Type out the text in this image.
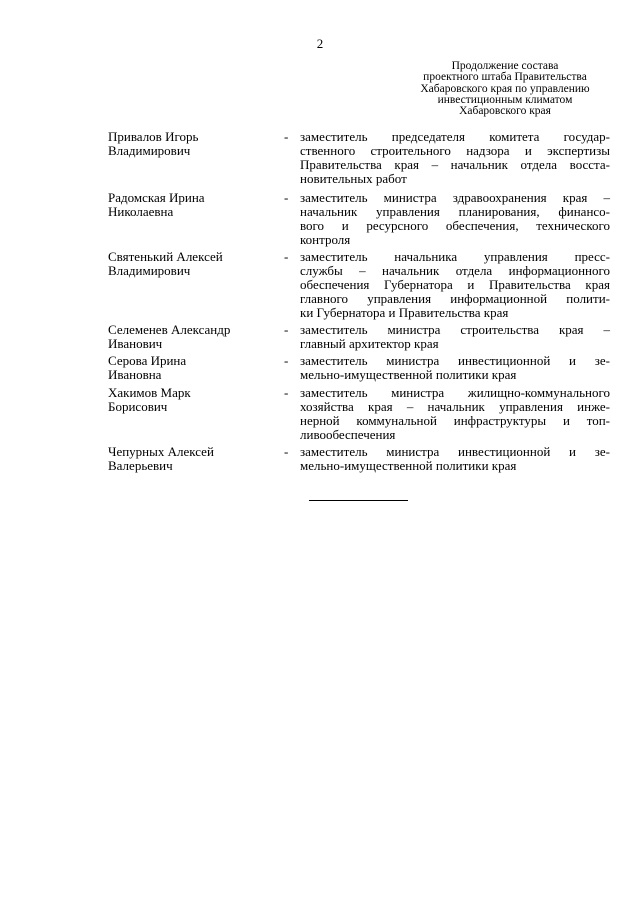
2
Продолжение состава
проектного штаба Правительства
Хабаровского края по управлению
инвестиционным климатом
Хабаровского края
Привалов Игорь
Владимирович
- заместитель председателя комитета государ-
ственного строительного надзора и экспертизы
Правительства края – начальник отдела восста-
новительных работ
Радомская Ирина
Николаевна
- заместитель министра здравоохранения края –
начальник управления планирования, финансо-
вого и ресурсного обеспечения, технического
контроля
Святенький Алексей
Владимирович
- заместитель начальника управления пресс-
службы – начальник отдела информационного
обеспечения Губернатора и Правительства края
главного управления информационной полити-
ки Губернатора и Правительства края
Селеменев Александр
Иванович
- заместитель министра строительства края –
главный архитектор края
Серова Ирина
Ивановна
- заместитель министра инвестиционной и зе-
мельно-имущественной политики края
Хакимов Марк
Борисович
- заместитель министра жилищно-коммунального
хозяйства края – начальник управления инже-
нерной коммунальной инфраструктуры и топ-
ливообеспечения
Чепурных Алексей
Валерьевич
- заместитель министра инвестиционной и зе-
мельно-имущественной политики края
